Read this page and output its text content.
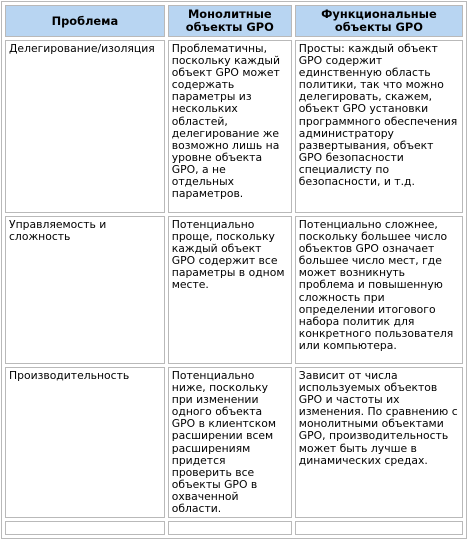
Проблема	Монолитные объекты GPO	Функциональные объекты GPO

Делегирование/изоляция	Проблематичны, поскольку каждый объект GPO может содержать параметры из нескольких областей, делегирование же возможно лишь на уровне объекта GPO, а не отдельных параметров.	Просты: каждый объект GPO содержит единственную область политики, так что можно делегировать, скажем, объект GPO установки программного обеспечения администратору развертывания, объект GPO безопасности специалисту по безопасности, и т.д.

Управляемость и сложность	Потенциально проще, поскольку каждый объект GPO содержит все параметры в одном месте.	Потенциально сложнее, поскольку большее число объектов GPO означает большее число мест, где может возникнуть проблема и повышенную сложность при определении итогового набора политик для конкретного пользователя или компьютера.

Производительность	Потенциально ниже, поскольку при изменении одного объекта GPO в клиентском расширении всем расширениям придется проверить все объекты GPO в охваченной области.	Зависит от числа используемых объектов GPO и частоты их изменения. По сравнению с монолитными объектами GPO, производительность может быть лучше в динамических средах.
